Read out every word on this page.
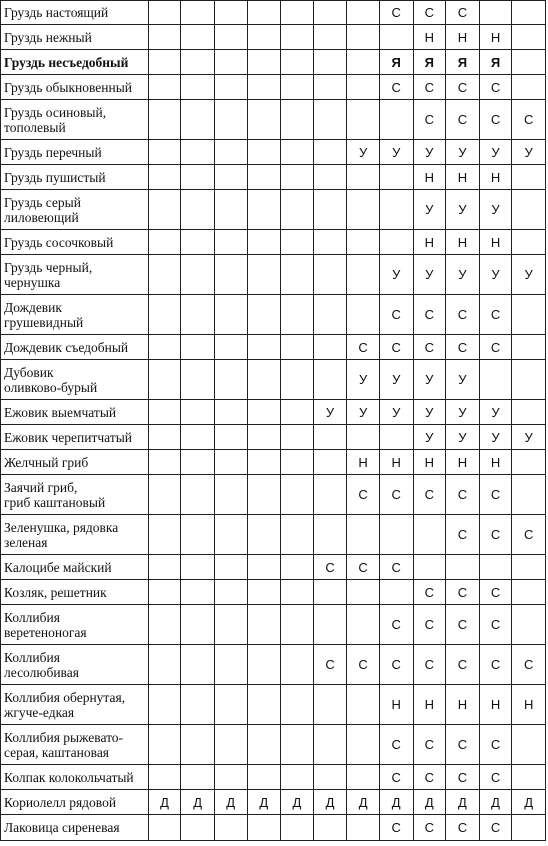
Груздь настоящий								С	С	С		
Груздь нежный									Н	Н	Н	
Груздь несъедобный								Я	Я	Я	Я	
Груздь обыкновенный								С	С	С	С	
Груздь осиновый,
тополевый									С	С	С	С
Груздь перечный							У	У	У	У	У	У
Груздь пушистый									Н	Н	Н	
Груздь серый
лиловеющий									У	У	У	
Груздь сосочковый									Н	Н	Н	
Груздь черный,
чернушка								У	У	У	У	У
Дождевик
грушевидный								С	С	С	С	
Дождевик съедобный							С	С	С	С	С	
Дубовик
оливково-бурый							У	У	У	У		
Ежовик выемчатый						У	У	У	У	У	У	
Ежовик черепитчатый									У	У	У	У
Желчный гриб							Н	Н	Н	Н	Н	
Заячий гриб,
гриб каштановый							С	С	С	С	С	
Зеленушка, рядовка
зеленая										С	С	С
Калоцибе майский						С	С	С				
Козляк, решетник									С	С	С	
Коллибия
веретеноногая								С	С	С	С	
Коллибия
лесолюбивая						С	С	С	С	С	С	С
Коллибия обернутая,
жгуче-едкая								Н	Н	Н	Н	Н
Коллибия рыжевато-
серая, каштановая								С	С	С	С	
Колпак колокольчатый								С	С	С	С	
Кориолелл рядовой	Д	Д	Д	Д	Д	Д	Д	Д	Д	Д	Д	Д
Лаковица сиреневая								С	С	С	С	
